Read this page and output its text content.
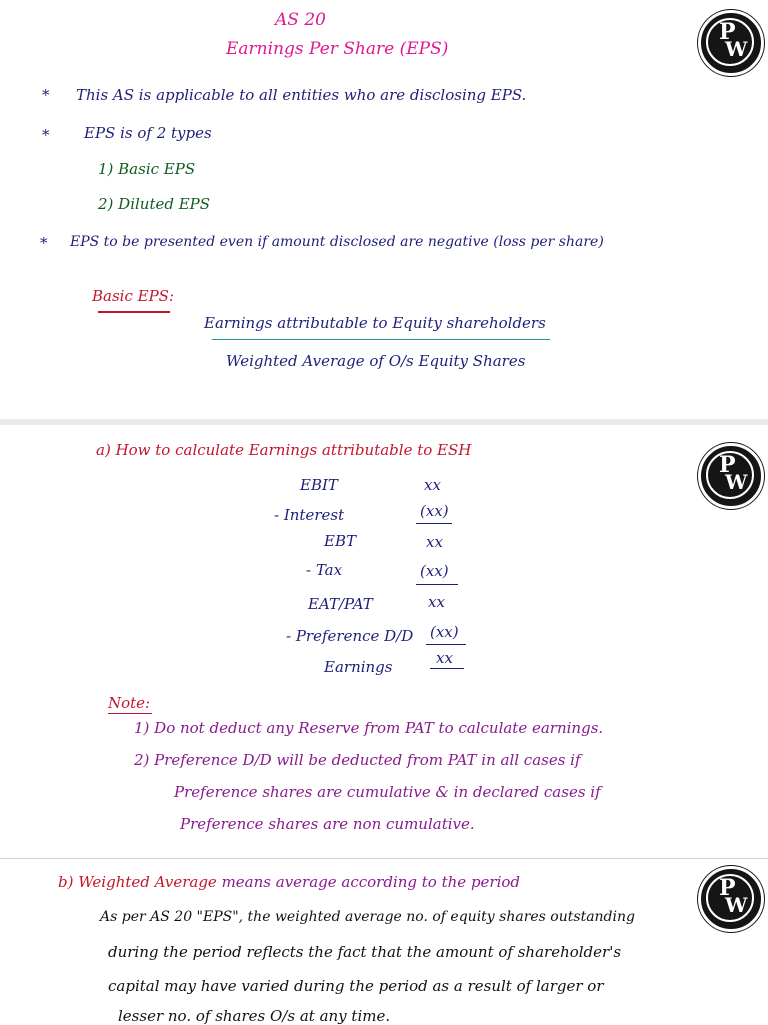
AS 20
Earnings Per Share (EPS)
P
W
* This AS is applicable to all entities who are disclosing EPS.
* EPS is of 2 types
1) Basic EPS
2) Diluted EPS
* EPS to be presented even if amount disclosed are negative (loss per share)
Basic EPS:
Earnings attributable to Equity shareholders
Weighted Average of O/s Equity Shares
a) How to calculate Earnings attributable to ESH
P
W
EBIT	xx
- Interest	(xx)
EBT	xx
- Tax	(xx)
EAT/PAT	xx
- Preference D/D (xx)
Earnings	xx
Note:
1) Do not deduct any Reserve from PAT to calculate earnings.
2) Preference D/D will be deducted from PAT in all cases if
Preference shares are cumulative & in declared cases if
Preference shares are non cumulative.
b) Weighted Average means average according to the period	P
W
As per AS 20 "EPS", the weighted average no. of equity shares outstanding
during the period reflects the fact that the amount of shareholder's
capital may have varied during the period as a result of larger or
lesser no. of shares O/s at any time.
